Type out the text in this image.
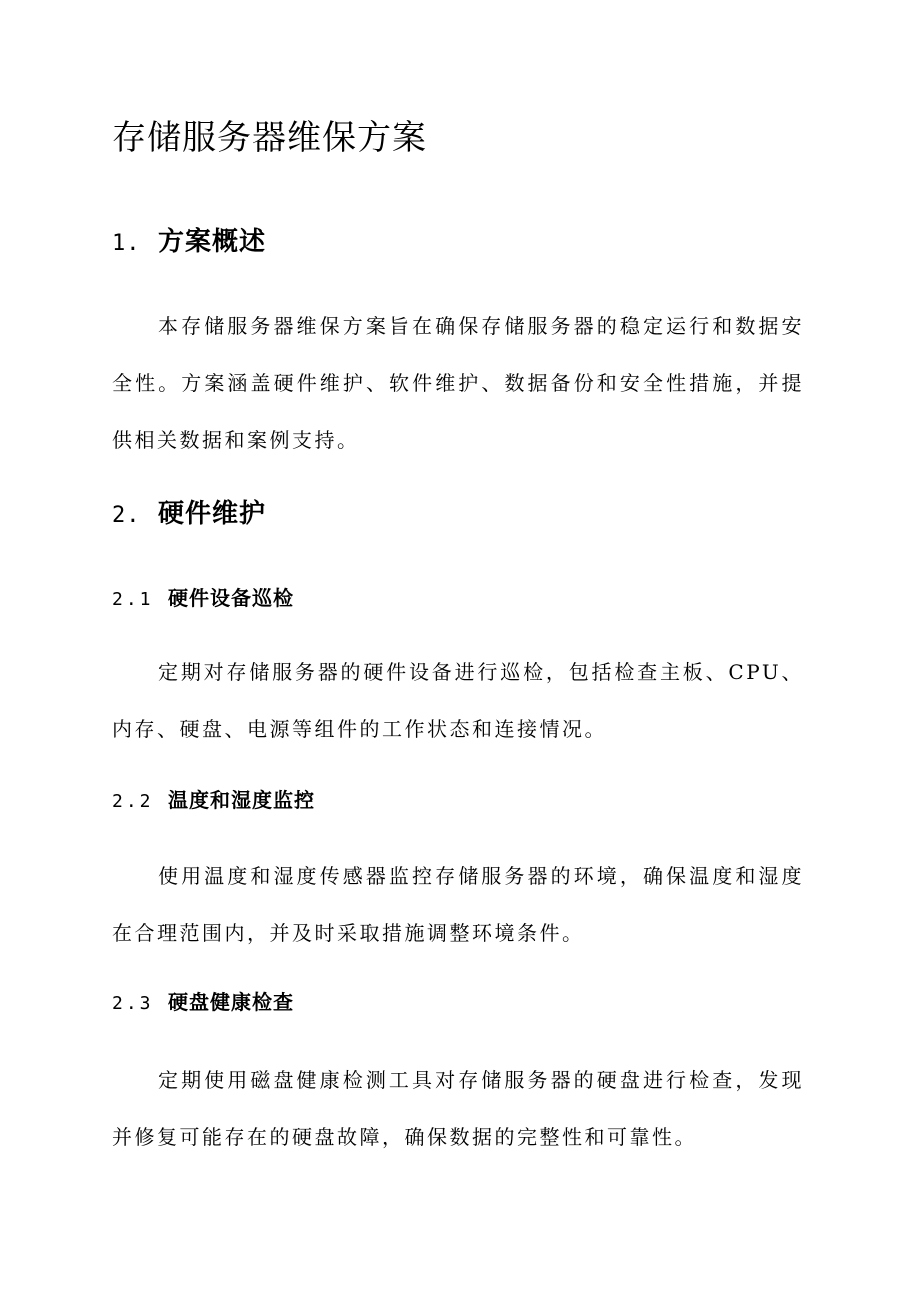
存储服务器维保方案
1. 方案概述

本存储服务器维保方案旨在确保存储服务器的稳定运行和数据安全性。方案涵盖硬件维护、软件维护、数据备份和安全性措施，并提供相关数据和案例支持。

2. 硬件维护
2.1 硬件设备巡检

定期对存储服务器的硬件设备进行巡检，包括检查主板、CPU、内存、硬盘、电源等组件的工作状态和连接情况。

2.2 温度和湿度监控

使用温度和湿度传感器监控存储服务器的环境，确保温度和湿度在合理范围内，并及时采取措施调整环境条件。

2.3 硬盘健康检查

定期使用磁盘健康检测工具对存储服务器的硬盘进行检查，发现并修复可能存在的硬盘故障，确保数据的完整性和可靠性。
